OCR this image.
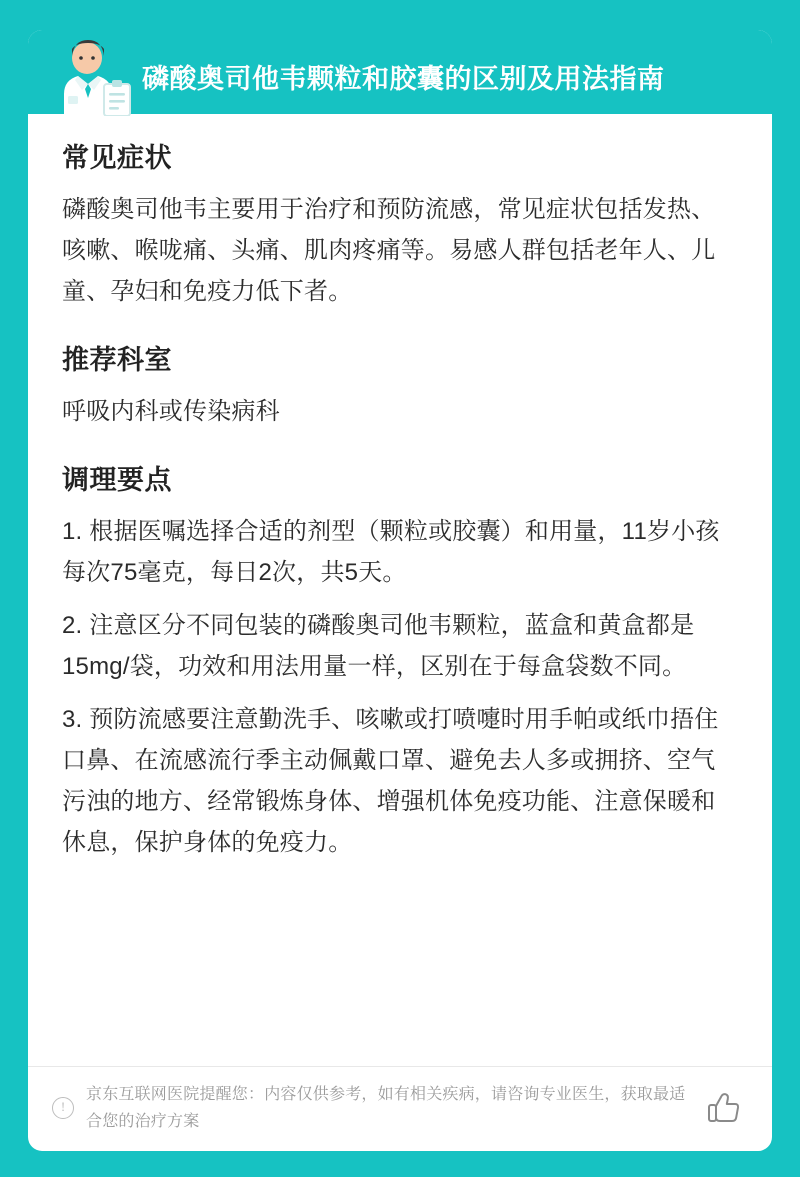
磷酸奥司他韦颗粒和胶囊的区别及用法指南
常见症状

磷酸奥司他韦主要用于治疗和预防流感，常见症状包括发热、咳嗽、喉咙痛、头痛、肌肉疼痛等。易感人群包括老年人、儿童、孕妇和免疫力低下者。

推荐科室

呼吸内科或传染病科

调理要点

1. 根据医嘱选择合适的剂型（颗粒或胶囊）和用量，11岁小孩每次75毫克，每日2次，共5天。

2. 注意区分不同包装的磷酸奥司他韦颗粒，蓝盒和黄盒都是15mg/袋，功效和用法用量一样，区别在于每盒袋数不同。

3. 预防流感要注意勤洗手、咳嗽或打喷嚏时用手帕或纸巾捂住口鼻、在流感流行季主动佩戴口罩、避免去人多或拥挤、空气污浊的地方、经常锻炼身体、增强机体免疫功能、注意保暖和休息，保护身体的免疫力。

!
京东互联网医院提醒您：内容仅供参考，如有相关疾病，请咨询专业医生，获取最适合您的治疗方案
